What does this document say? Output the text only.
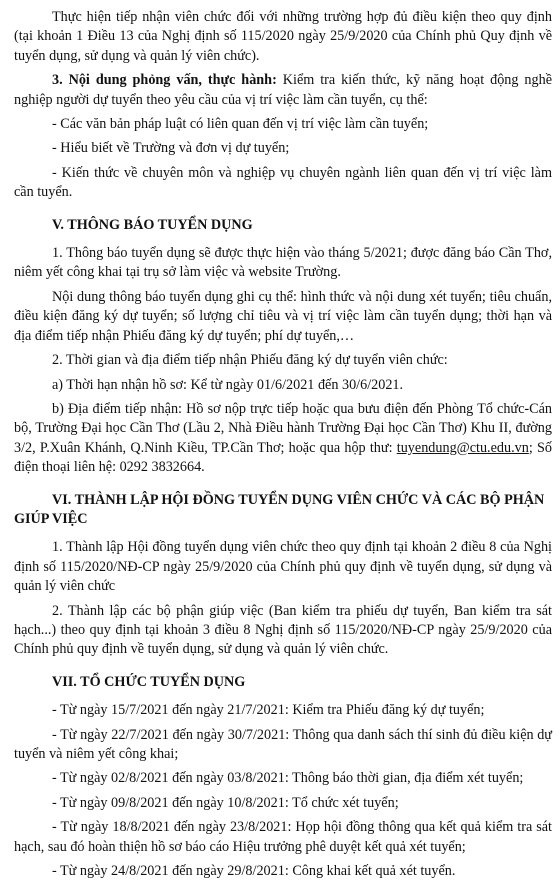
Thực hiện tiếp nhận viên chức đối với những trường hợp đủ điều kiện theo quy định (tại khoản 1 Điều 13 của Nghị định số 115/2020 ngày 25/9/2020 của Chính phủ Quy định về tuyển dụng, sử dụng và quản lý viên chức).

3. Nội dung phỏng vấn, thực hành: Kiểm tra kiến thức, kỹ năng hoạt động nghề nghiệp người dự tuyển theo yêu cầu của vị trí việc làm cần tuyển, cụ thể:

- Các văn bản pháp luật có liên quan đến vị trí việc làm cần tuyển;

- Hiểu biết về Trường và đơn vị dự tuyển;

- Kiến thức về chuyên môn và nghiệp vụ chuyên ngành liên quan đến vị trí việc làm cần tuyển.

V. THÔNG BÁO TUYỂN DỤNG

1. Thông báo tuyển dụng sẽ được thực hiện vào tháng 5/2021; được đăng báo Cần Thơ, niêm yết công khai tại trụ sở làm việc và website Trường.

Nội dung thông báo tuyển dụng ghi cụ thể: hình thức và nội dung xét tuyển; tiêu chuẩn, điều kiện đăng ký dự tuyển; số lượng chỉ tiêu và vị trí việc làm cần tuyển dụng; thời hạn và địa điểm tiếp nhận Phiếu đăng ký dự tuyển; phí dự tuyển,…

2. Thời gian và địa điểm tiếp nhận Phiếu đăng ký dự tuyển viên chức:

a) Thời hạn nhận hồ sơ: Kể từ ngày 01/6/2021 đến 30/6/2021.

b) Địa điểm tiếp nhận: Hồ sơ nộp trực tiếp hoặc qua bưu điện đến Phòng Tổ chức-Cán bộ, Trường Đại học Cần Thơ (Lầu 2, Nhà Điều hành Trường Đại học Cần Thơ) Khu II, đường 3/2, P.Xuân Khánh, Q.Ninh Kiều, TP.Cần Thơ; hoặc qua hộp thư: tuyendung@ctu.edu.vn; Số điện thoại liên hệ: 0292 3832664.

VI. THÀNH LẬP HỘI ĐỒNG TUYỂN DỤNG VIÊN CHỨC VÀ CÁC BỘ PHẬN GIÚP VIỆC

1. Thành lập Hội đồng tuyển dụng viên chức theo quy định tại khoản 2 điều 8 của Nghị định số 115/2020/NĐ-CP ngày 25/9/2020 của Chính phủ quy định về tuyển dụng, sử dụng và quản lý viên chức

2. Thành lập các bộ phận giúp việc (Ban kiểm tra phiếu dự tuyển, Ban kiểm tra sát hạch...) theo quy định tại khoản 3 điều 8 Nghị định số 115/2020/NĐ-CP ngày 25/9/2020 của Chính phủ quy định về tuyển dụng, sử dụng và quản lý viên chức.

VII. TỔ CHỨC TUYỂN DỤNG

- Từ ngày 15/7/2021 đến ngày 21/7/2021: Kiểm tra Phiếu đăng ký dự tuyển;

- Từ ngày 22/7/2021 đến ngày 30/7/2021: Thông qua danh sách thí sinh đủ điều kiện dự tuyển và niêm yết công khai;

- Từ ngày 02/8/2021 đến ngày 03/8/2021: Thông báo thời gian, địa điểm xét tuyển;

- Từ ngày 09/8/2021 đến ngày 10/8/2021: Tổ chức xét tuyển;

- Từ ngày 18/8/2021 đến ngày 23/8/2021: Họp hội đồng thông qua kết quả kiểm tra sát hạch, sau đó hoàn thiện hồ sơ báo cáo Hiệu trưởng phê duyệt kết quả xét tuyển;

- Từ ngày 24/8/2021 đến ngày 29/8/2021: Công khai kết quả xét tuyển.
